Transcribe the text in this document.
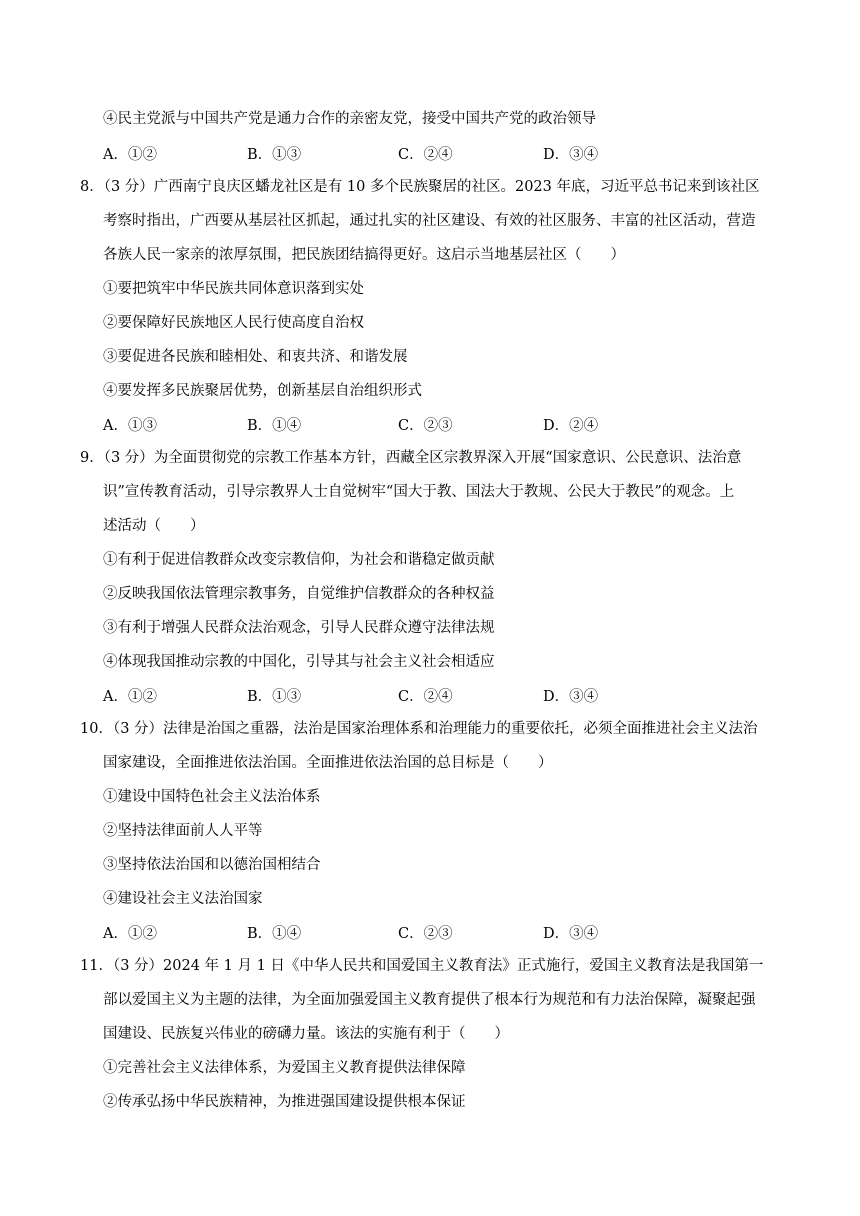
④民主党派与中国共产党是通力合作的亲密友党，接受中国共产党的政治领导
A．①②	B．①③	C．②④	D．③④
8．（3 分）广西南宁良庆区蟠龙社区是有 10 多个民族聚居的社区。2023 年底，习近平总书记来到该社区
考察时指出，广西要从基层社区抓起，通过扎实的社区建设、有效的社区服务、丰富的社区活动，营造
各族人民一家亲的浓厚氛围，把民族团结搞得更好。这启示当地基层社区（　　）
①要把筑牢中华民族共同体意识落到实处
②要保障好民族地区人民行使高度自治权
③要促进各民族和睦相处、和衷共济、和谐发展
④要发挥多民族聚居优势，创新基层自治组织形式
A．①③	B．①④	C．②③	D．②④
9．（3 分）为全面贯彻党的宗教工作基本方针，西藏全区宗教界深入开展“国家意识、公民意识、法治意
识”宣传教育活动，引导宗教界人士自觉树牢“国大于教、国法大于教规、公民大于教民”的观念。上
述活动（　　）
①有利于促进信教群众改变宗教信仰，为社会和谐稳定做贡献
②反映我国依法管理宗教事务，自觉维护信教群众的各种权益
③有利于增强人民群众法治观念，引导人民群众遵守法律法规
④体现我国推动宗教的中国化，引导其与社会主义社会相适应
A．①②	B．①③	C．②④	D．③④
10．（3 分）法律是治国之重器，法治是国家治理体系和治理能力的重要依托，必须全面推进社会主义法治
国家建设，全面推进依法治国。全面推进依法治国的总目标是（　　）
①建设中国特色社会主义法治体系
②坚持法律面前人人平等
③坚持依法治国和以德治国相结合
④建设社会主义法治国家
A．①②	B．①④	C．②③	D．③④
11．（3 分）2024 年 1 月 1 日《中华人民共和国爱国主义教育法》正式施行，爱国主义教育法是我国第一
部以爱国主义为主题的法律，为全面加强爱国主义教育提供了根本行为规范和有力法治保障，凝聚起强
国建设、民族复兴伟业的磅礴力量。该法的实施有利于（　　）
①完善社会主义法律体系，为爱国主义教育提供法律保障
②传承弘扬中华民族精神，为推进强国建设提供根本保证
